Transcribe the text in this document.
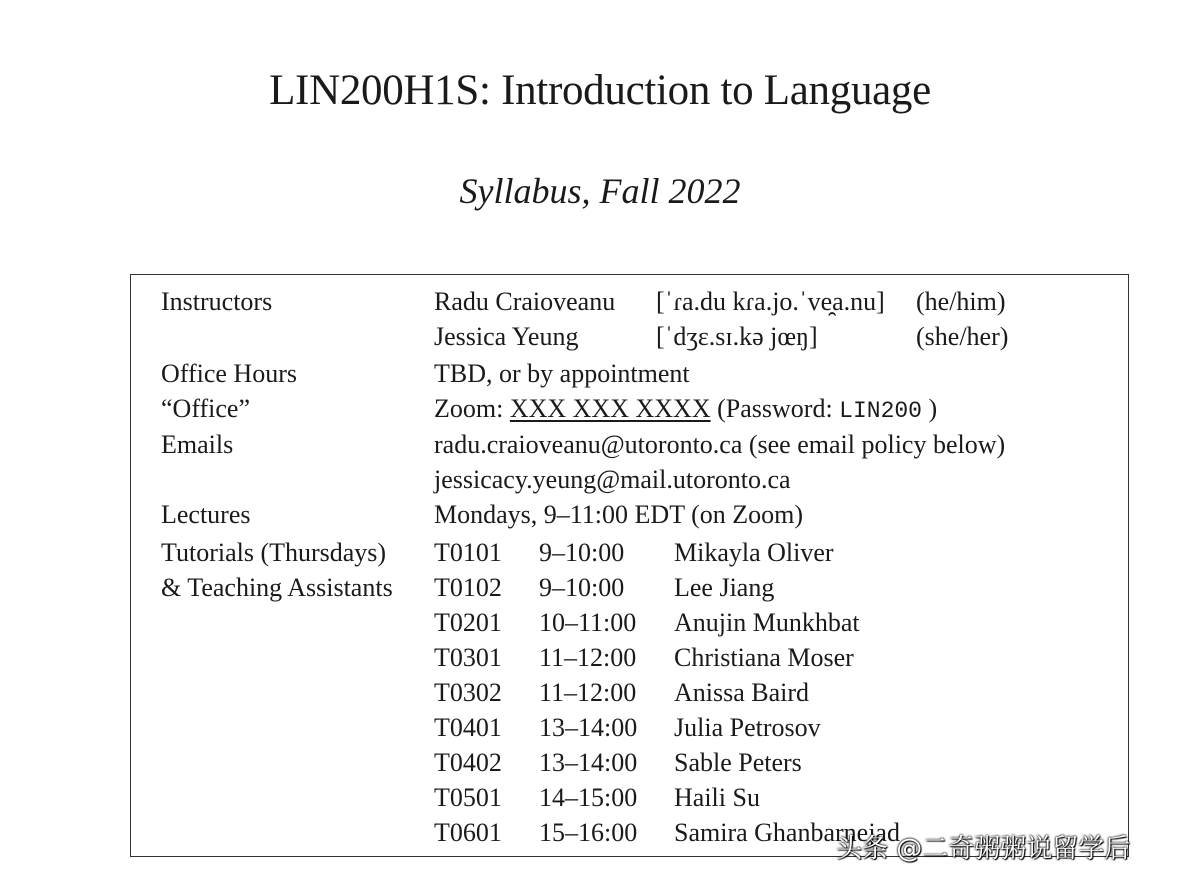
LIN200H1S: Introduction to Language
Syllabus, Fall 2022
Instructors	Radu Craioveanu [ˈɾa.du kɾa.jo.ˈve̯a.nu] (he/him)
Jessica Yeung	[ˈdʒɛ.sɪ.kə jœŋ]	(she/her)
Office Hours	TBD, or by appointment
“Office”	Zoom: XXX XXX XXXX (Password: LIN200 )
Emails	radu.craioveanu@utoronto.ca (see email policy below)
jessicacy.yeung@mail.utoronto.ca
Lectures	Mondays, 9–11:00 EDT (on Zoom)
Tutorials (Thursdays)
& Teaching Assistants
T0101 9–10:00 Mikayla Oliver
T0102 9–10:00 Lee Jiang
T0201 10–11:00 Anujin Munkhbat
T0301 11–12:00 Christiana Moser
T0302 11–12:00 Anissa Baird
T0401 13–14:00 Julia Petrosov
T0402 13–14:00 Sable Peters
T0501 14–15:00 Haili Su
T0601 15–16:00 Samira Ghanbarnejad
头条 @二奇粥粥说留学后
